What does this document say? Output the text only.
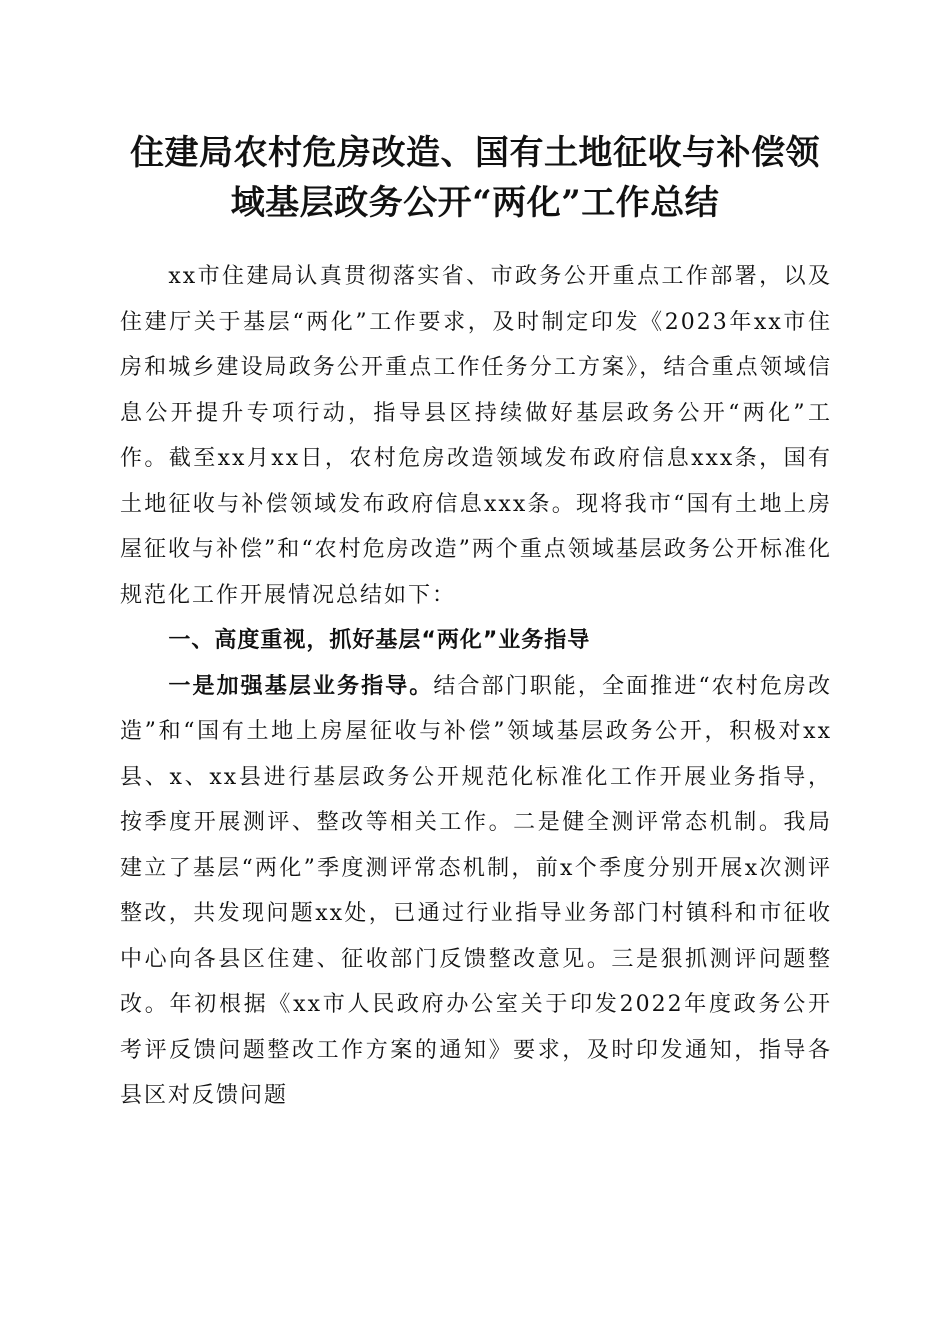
住建局农村危房改造、国有土地征收与补偿领
域基层政务公开“两化”工作总结

xx市住建局认真贯彻落实省、市政务公开重点工作部署，以及住建厅关于基层“两化”工作要求，及时制定印发《2023年xx市住房和城乡建设局政务公开重点工作任务分工方案》，结合重点领域信息公开提升专项行动，指导县区持续做好基层政务公开“两化”工作。截至xx月xx日，农村危房改造领域发布政府信息xxx条，国有土地征收与补偿领域发布政府信息xxx条。现将我市“国有土地上房屋征收与补偿”和“农村危房改造”两个重点领域基层政务公开标准化规范化工作开展情况总结如下：

一、高度重视，抓好基层“两化”业务指导

一是加强基层业务指导。结合部门职能，全面推进“农村危房改造”和“国有土地上房屋征收与补偿”领域基层政务公开，积极对xx县、x、xx县进行基层政务公开规范化标准化工作开展业务指导，按季度开展测评、整改等相关工作。二是健全测评常态机制。我局建立了基层“两化”季度测评常态机制，前x个季度分别开展x次测评整改，共发现问题xx处，已通过行业指导业务部门村镇科和市征收中心向各县区住建、征收部门反馈整改意见。三是狠抓测评问题整改。年初根据《xx市人民政府办公室关于印发2022年度政务公开考评反馈问题整改工作方案的通知》要求，及时印发通知，指导各县区对反馈问题
